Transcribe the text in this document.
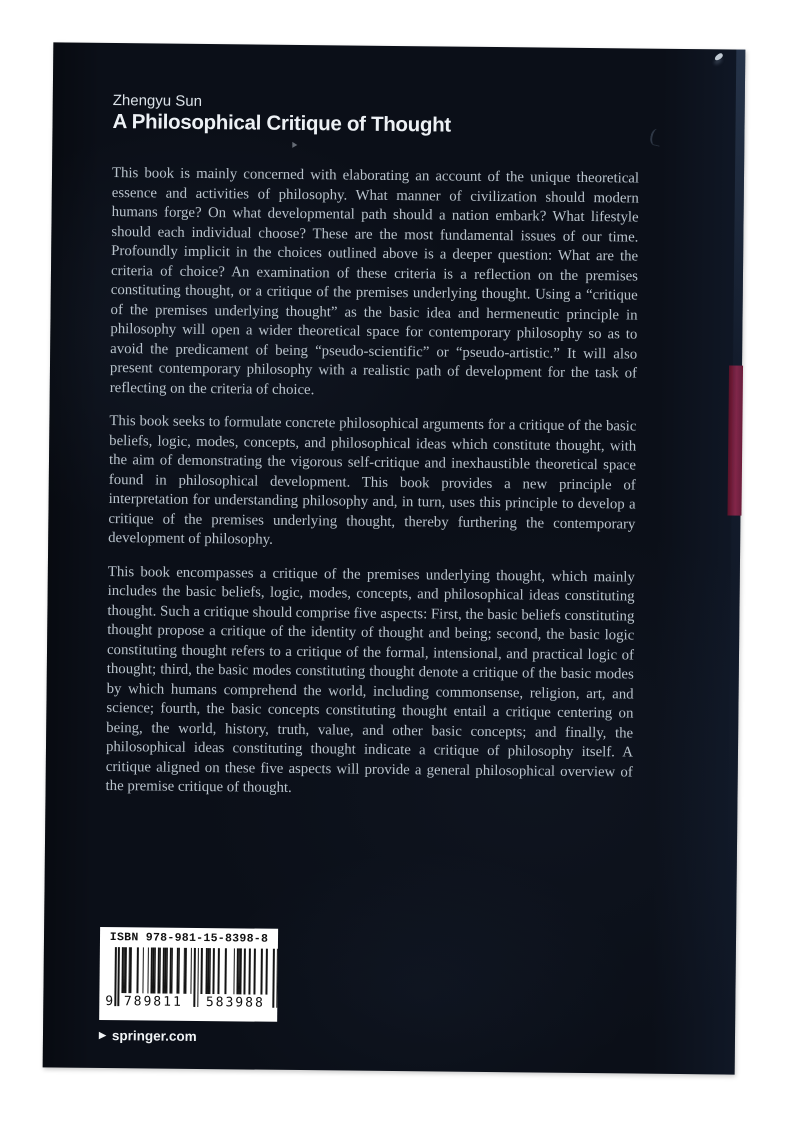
Zhengyu Sun
A Philosophical Critique of Thought

This book is mainly concerned with elaborating an account of the unique theoretical essence and activities of philosophy. What manner of civilization should modern humans forge? On what developmental path should a nation embark? What lifestyle should each individual choose? These are the most fundamental issues of our time. Profoundly implicit in the choices outlined above is a deeper question: What are the criteria of choice? An examination of these criteria is a reflection on the premises constituting thought, or a critique of the premises underlying thought. Using a “critique of the premises underlying thought” as the basic idea and hermeneutic principle in philosophy will open a wider theoretical space for contemporary philosophy so as to avoid the predicament of being “pseudo-scientific” or “pseudo-artistic.” It will also present contemporary philosophy with a realistic path of development for the task of reflecting on the criteria of choice.

This book seeks to formulate concrete philosophical arguments for a critique of the basic beliefs, logic, modes, concepts, and philosophical ideas which constitute thought, with the aim of demonstrating the vigorous self-critique and inexhaustible theoretical space found in philosophical development. This book provides a new principle of interpretation for understanding philosophy and, in turn, uses this principle to develop a critique of the premises underlying thought, thereby furthering the contemporary development of philosophy.

This book encompasses a critique of the premises underlying thought, which mainly includes the basic beliefs, logic, modes, concepts, and philosophical ideas constituting thought. Such a critique should comprise five aspects: First, the basic beliefs constituting thought propose a critique of the identity of thought and being; second, the basic logic constituting thought refers to a critique of the formal, intensional, and practical logic of thought; third, the basic modes constituting thought denote a critique of the basic modes by which humans comprehend the world, including commonsense, religion, art, and science; fourth, the basic concepts constituting thought entail a critique centering on being, the world, history, truth, value, and other basic concepts; and finally, the philosophical ideas constituting thought indicate a critique of philosophy itself. A critique aligned on these five aspects will provide a general philosophical overview of the premise critique of thought.

ISBN 978-981-15-8398-8
9 789811 583988
▶ springer.com
